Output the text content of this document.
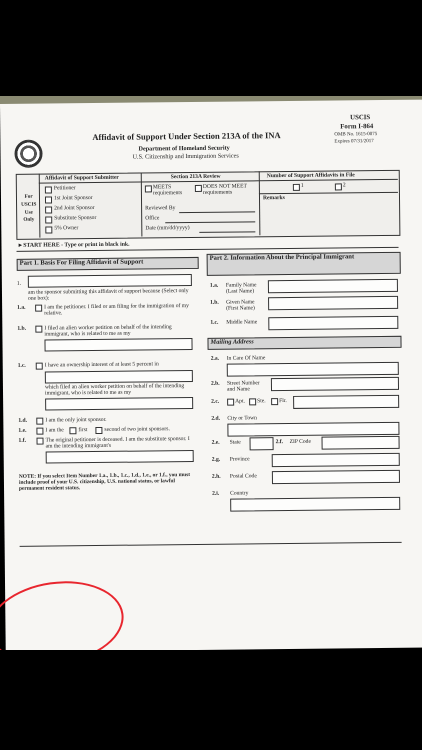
Affidavit of Support Under Section 213A of the INA
Department of Homeland Security
U.S. Citizenship and Immigration Services
USCIS
Form I-864
OMB No. 1615-0075
Expires 07/31/2017
For
USCIS
Use
Only
Affidavit of Support Submitter
Petitioner
1st Joint Sponsor
2nd Joint Sponsor
Substitute Sponsor
5% Owner
Section 213A Review
MEETS requirements
DOES NOT MEET requirements
Reviewed By
Office
Date (mm/dd/yyyy)
Number of Support Affidavits in File
1	2
Remarks
►START HERE - Type or print in black ink.
Part 1. Basis For Filing Affidavit of Support
1.
am the sponsor submitting this affidavit of support because (Select only one box):
1.a.	I am the petitioner. I filed or am filing for the immigration of my relative.
1.b.	I filed an alien worker petition on behalf of the intending immigrant, who is related to me as my
1.c.	I have an ownership interest of at least 5 percent in
which filed an alien worker petition on behalf of the intending immigrant, who is related to me as my
1.d.	I am the only joint sponsor.
1.e.	I am the	first	second of two joint sponsors.
1.f.	The original petitioner is deceased. I am the substitute sponsor. I am the intending immigrant's
NOTE: If you select Item Number 1.a., 1.b., 1.c., 1.d., 1.e., or 1.f., you must include proof of your U.S. citizenship, U.S. national status, or lawful permanent resident status.
Part 2. Information About the Principal Immigrant
1.a. Family Name (Last Name)
1.b. Given Name (First Name)
1.c. Middle Name
Mailing Address
2.a. In Care Of Name
2.b. Street Number and Name
2.c.	Apt. Ste. Flr.
2.d. City or Town
2.e. State	2.f. ZIP Code
2.g. Province
2.h. Postal Code
2.i. Country
